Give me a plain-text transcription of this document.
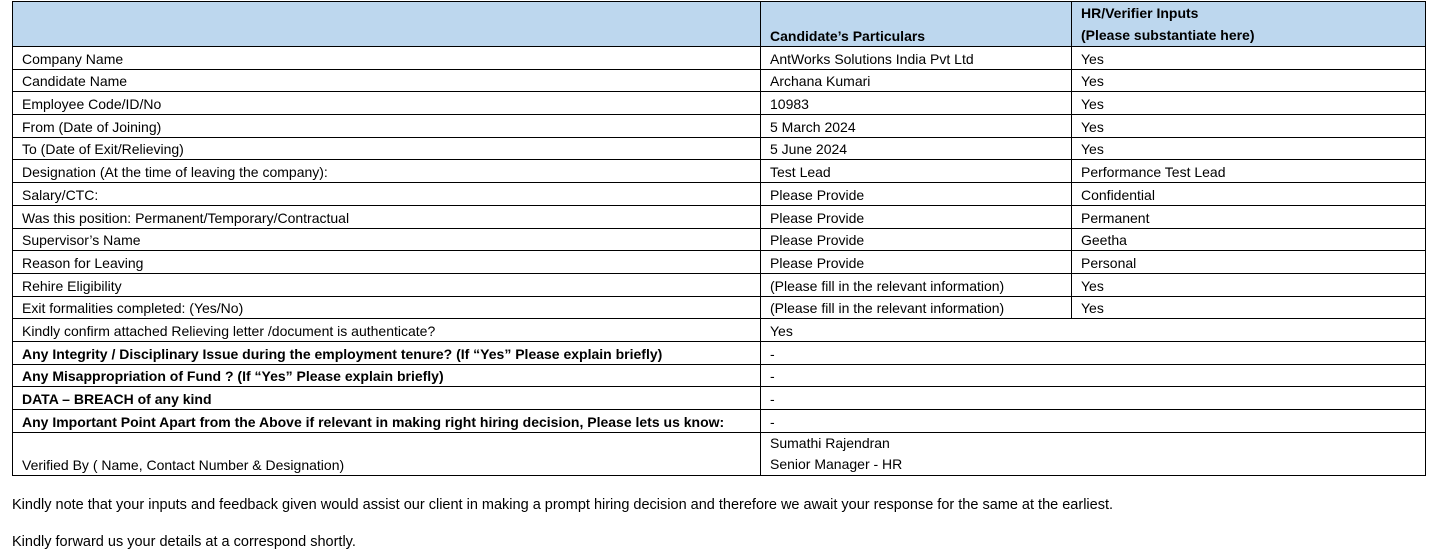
	Candidate’s Particulars	HR/Verifier Inputs
(Please substantiate here)

Company Name	AntWorks Solutions India Pvt Ltd	Yes
Candidate Name	Archana Kumari	Yes
Employee Code/ID/No	10983	Yes
From (Date of Joining)	5 March 2024	Yes
To (Date of Exit/Relieving)	5 June 2024	Yes
Designation (At the time of leaving the company):	Test Lead	Performance Test Lead
Salary/CTC:	Please Provide	Confidential
Was this position: Permanent/Temporary/Contractual	Please Provide	Permanent
Supervisor’s Name	Please Provide	Geetha
Reason for Leaving	Please Provide	Personal
Rehire Eligibility	(Please fill in the relevant information)	Yes
Exit formalities completed: (Yes/No)	(Please fill in the relevant information)	Yes
Kindly confirm attached Relieving letter /document is authenticate?	Yes	
Any Integrity / Disciplinary Issue during the employment tenure? (If “Yes” Please explain briefly)	-	
Any Misappropriation of Fund ? (If “Yes” Please explain briefly)	-	
DATA – BREACH of any kind	-	
Any Important Point Apart from the Above if relevant in making right hiring decision, Please lets us know:	-	
Verified By ( Name, Contact Number & Designation)	Sumathi Rajendran
Senior Manager - HR	
Kindly note that your inputs and feedback given would assist our client in making a prompt hiring decision and therefore we await your response for the same at the earliest.
Kindly forward us your details at a correspond shortly.
